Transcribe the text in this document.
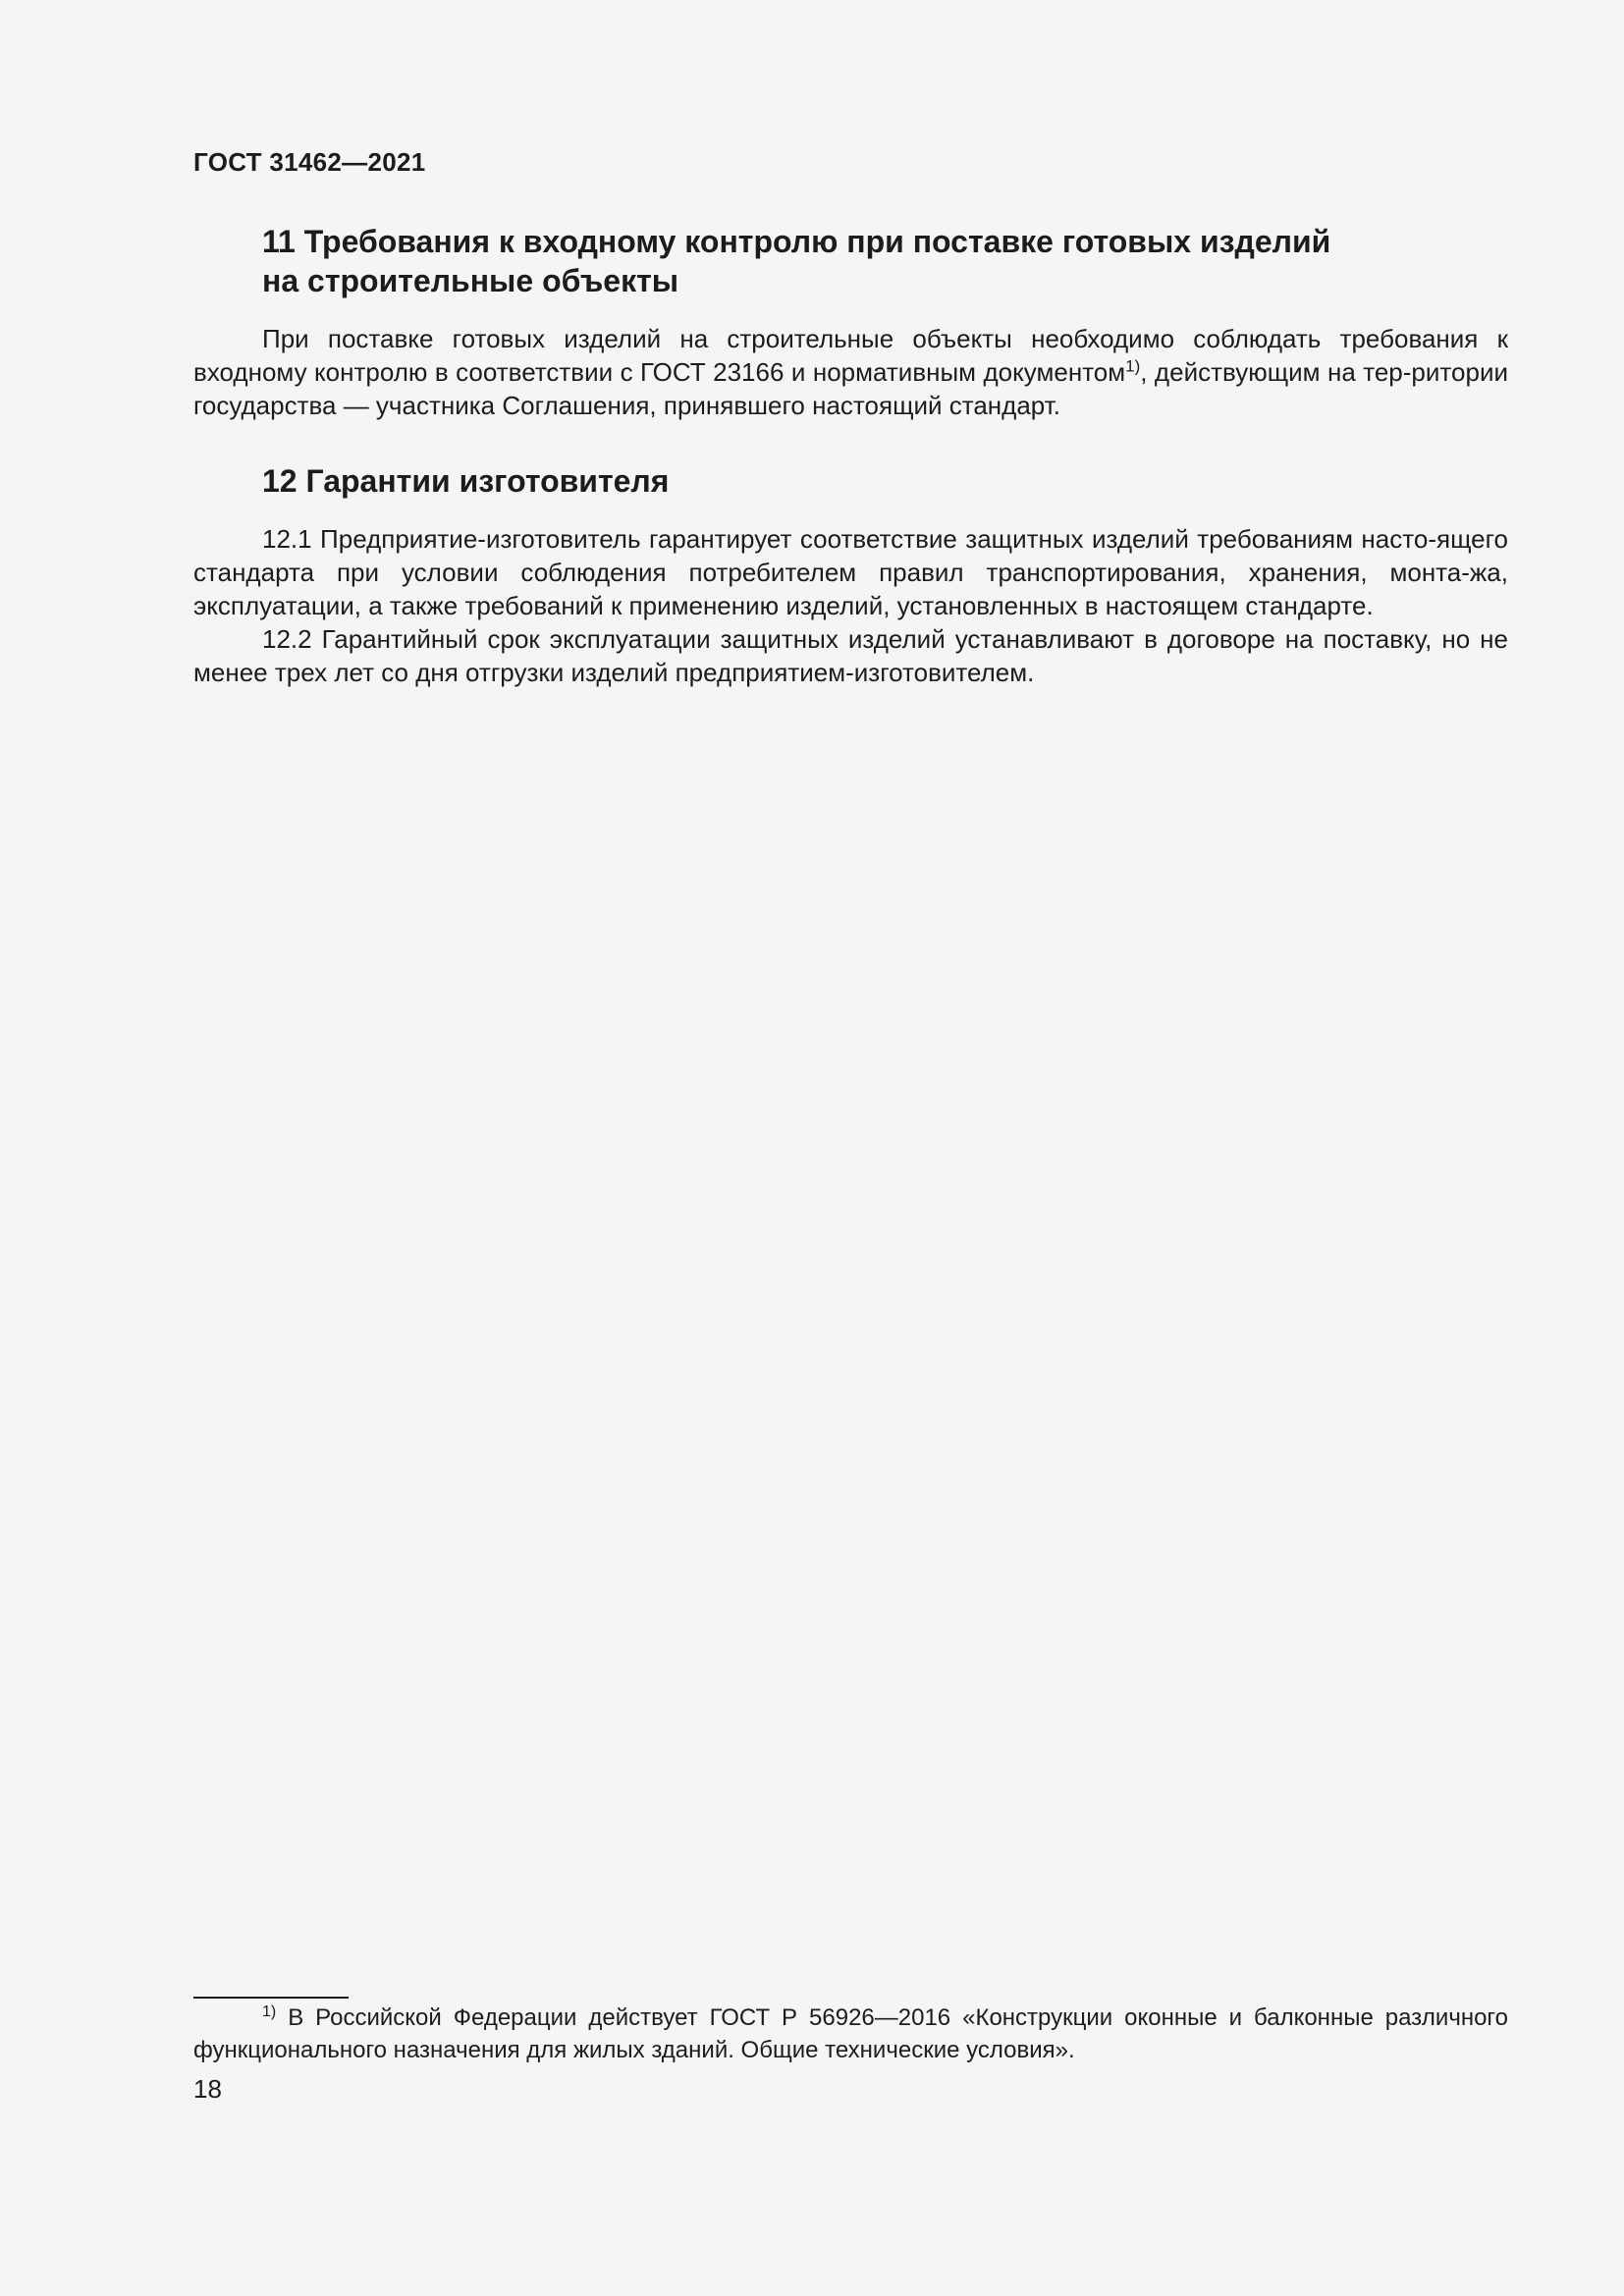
ГОСТ 31462—2021
11 Требования к входному контролю при поставке готовых изделий
на строительные объекты

При поставке готовых изделий на строительные объекты необходимо соблюдать требования к входному контролю в соответствии с ГОСТ 23166 и нормативным документом$^{1)}$, действующим на тер-ритории государства — участника Соглашения, принявшего настоящий стандарт.

12 Гарантии изготовителя

12.1 Предприятие-изготовитель гарантирует соответствие защитных изделий требованиям насто-ящего стандарта при условии соблюдения потребителем правил транспортирования, хранения, монта-жа, эксплуатации, а также требований к применению изделий, установленных в настоящем стандарте.

12.2 Гарантийный срок эксплуатации защитных изделий устанавливают в договоре на поставку, но не менее трех лет со дня отгрузки изделий предприятием-изготовителем.

$^{1)}$ В Российской Федерации действует ГОСТ Р 56926—2016 «Конструкции оконные и балконные различного функционального назначения для жилых зданий. Общие технические условия».

18
